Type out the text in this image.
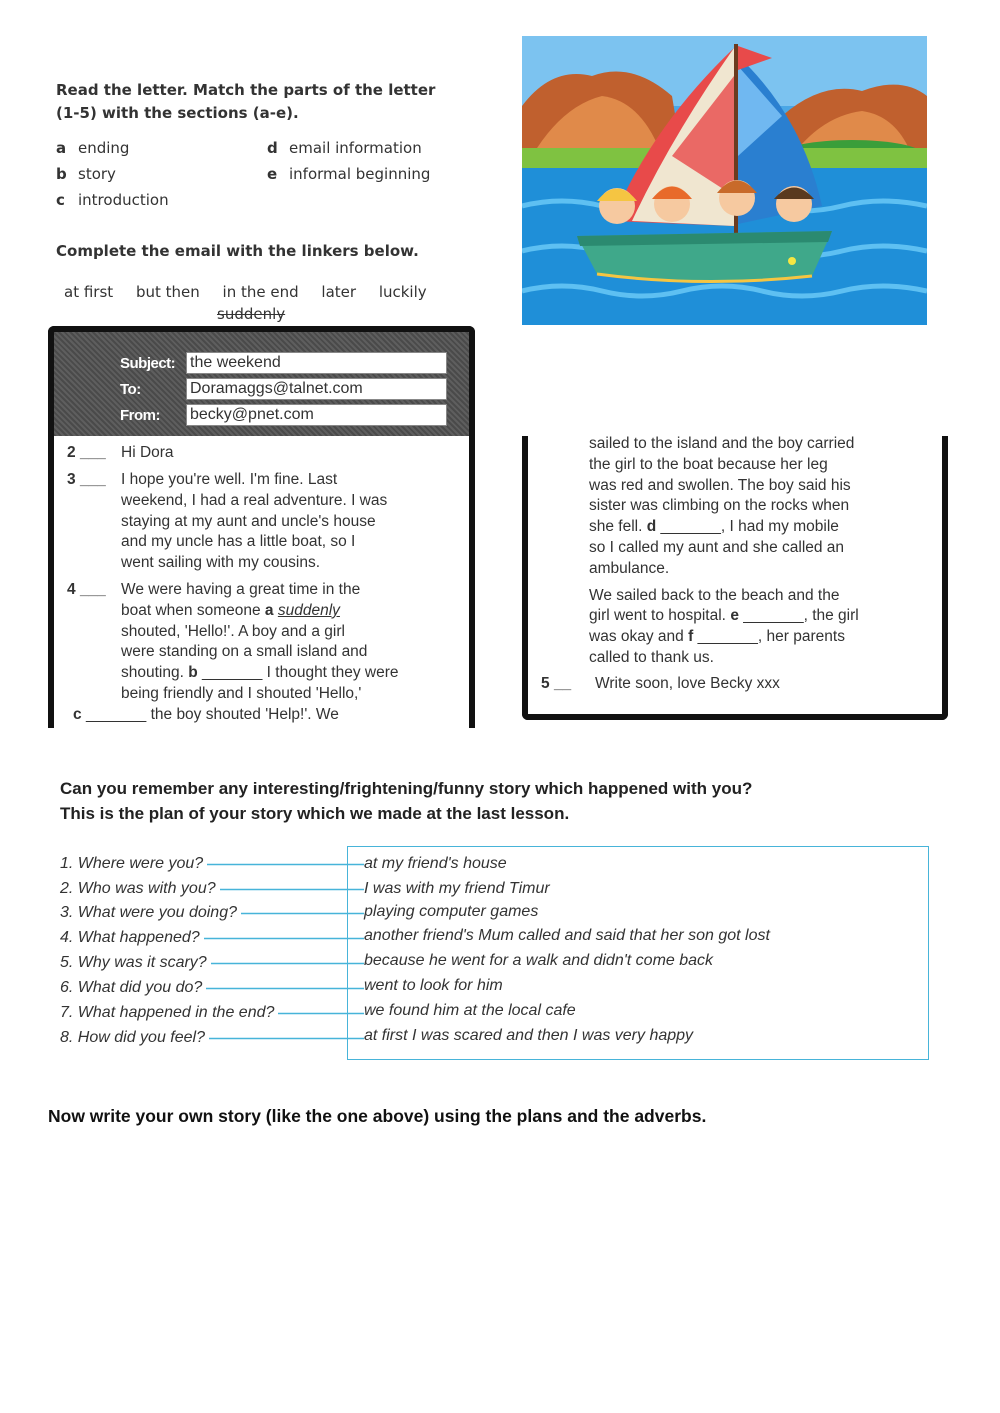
Read the letter. Match the parts of the letter
(1-5) with the sections (a-e).
a ending
b story
c introduction
d email information
e informal beginning
Complete the email with the linkers below.
at first but then in the end later luckily
suddenly
Subject: the weekend
To:	Doramaggs@talnet.com
From:	becky@pnet.com
2 ___ Hi Dora
3 ___ I hope you're well. I'm fine. Last
weekend, I had a real adventure. I was
staying at my aunt and uncle's house
and my uncle has a little boat, so I
went sailing with my cousins.
4 ___ We were having a great time in the
boat when someone a suddenly
shouted, 'Hello!'. A boy and a girl
were standing on a small island and
shouting. b _______ I thought they were
being friendly and I shouted 'Hello,'
c _______ the boy shouted 'Help!'. We
sailed to the island and the boy carried
the girl to the boat because her leg
was red and swollen. The boy said his
sister was climbing on the rocks when
she fell. d _______, I had my mobile
so I called my aunt and she called an
ambulance.
We sailed back to the beach and the
girl went to hospital. e _______, the girl
was okay and f _______, her parents
called to thank us.
5 __ Write soon, love Becky xxx
Can you remember any interesting/frightening/funny story which happened with you?
This is the plan of your story which we made at the last lesson.
1. Where were you?
2. Who was with you?
3. What were you doing?
4. What happened?
5. Why was it scary?
6. What did you do?
7. What happened in the end?
8. How did you feel?
at my friend's house
I was with my friend Timur
playing computer games
another friend's Mum called and said that her son got lost
because he went for a walk and didn't come back
went to look for him
we found him at the local cafe
at first I was scared and then I was very happy
Now write your own story (like the one above) using the plans and the adverbs.
